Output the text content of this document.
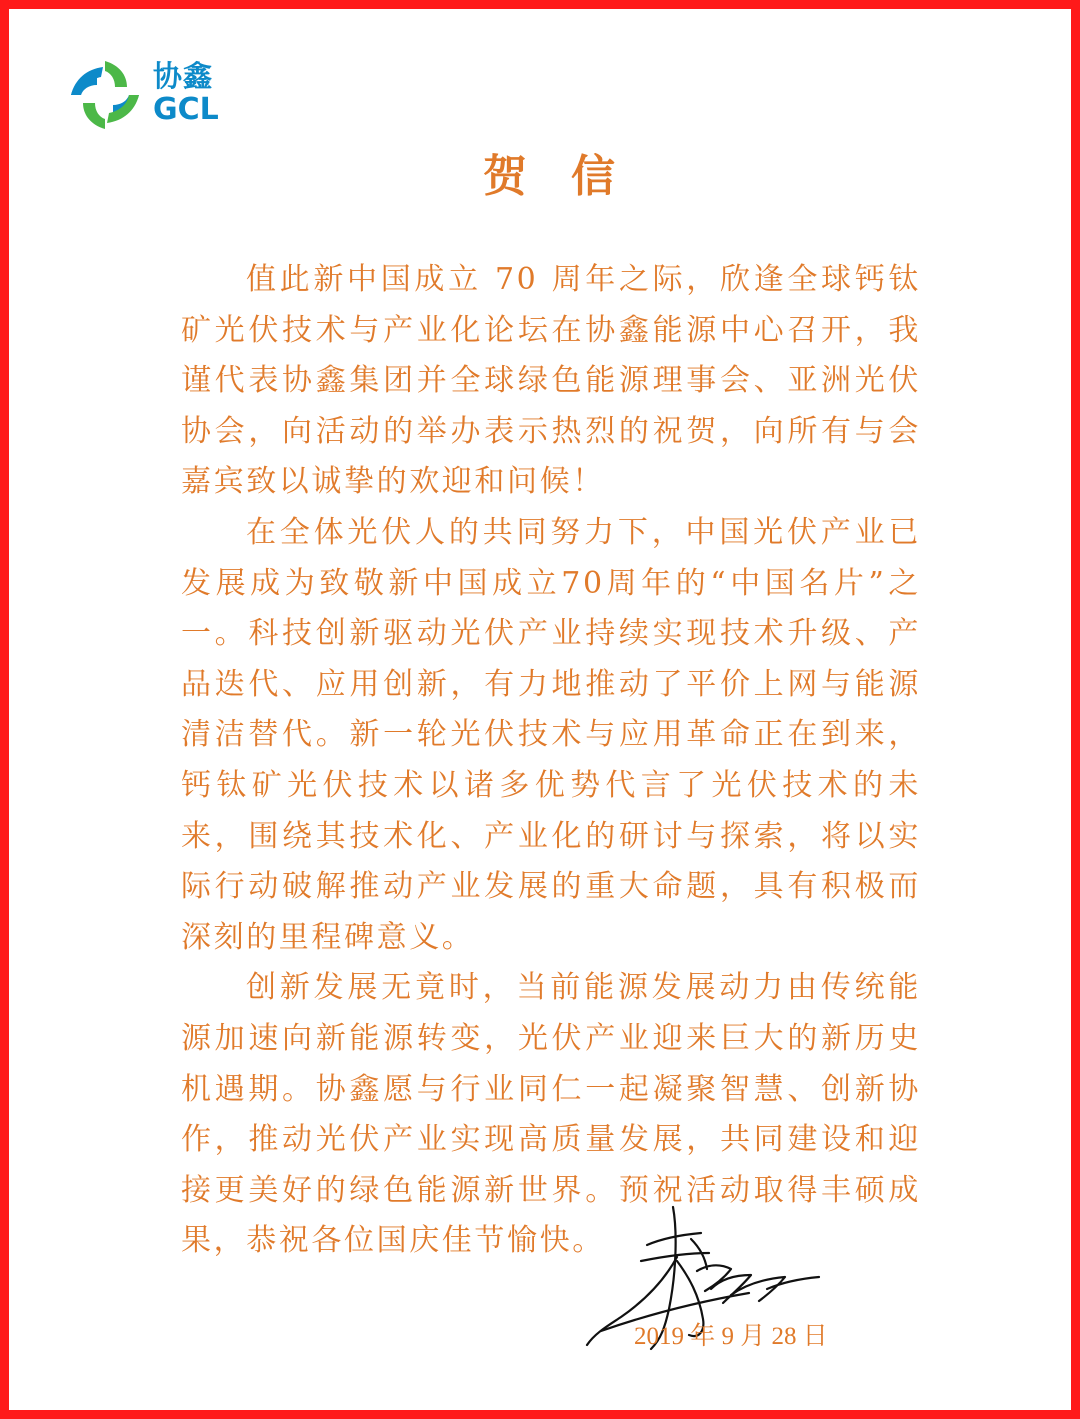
协鑫
GCL
贺信

值此新中国成立 70 周年之际，欣逢全球钙钛矿光伏技术与产业化论坛在协鑫能源中心召开，我谨代表协鑫集团并全球绿色能源理事会、亚洲光伏协会，向活动的举办表示热烈的祝贺，向所有与会嘉宾致以诚挚的欢迎和问候！

在全体光伏人的共同努力下，中国光伏产业已发展成为致敬新中国成立70周年的“中国名片”之一。科技创新驱动光伏产业持续实现技术升级、产品迭代、应用创新，有力地推动了平价上网与能源清洁替代。新一轮光伏技术与应用革命正在到来，钙钛矿光伏技术以诸多优势代言了光伏技术的未来，围绕其技术化、产业化的研讨与探索，将以实际行动破解推动产业发展的重大命题，具有积极而深刻的里程碑意义。

创新发展无竟时，当前能源发展动力由传统能源加速向新能源转变，光伏产业迎来巨大的新历史机遇期。协鑫愿与行业同仁一起凝聚智慧、创新协作，推动光伏产业实现高质量发展，共同建设和迎接更美好的绿色能源新世界。预祝活动取得丰硕成果，恭祝各位国庆佳节愉快。

2019 年 9 月 28 日
